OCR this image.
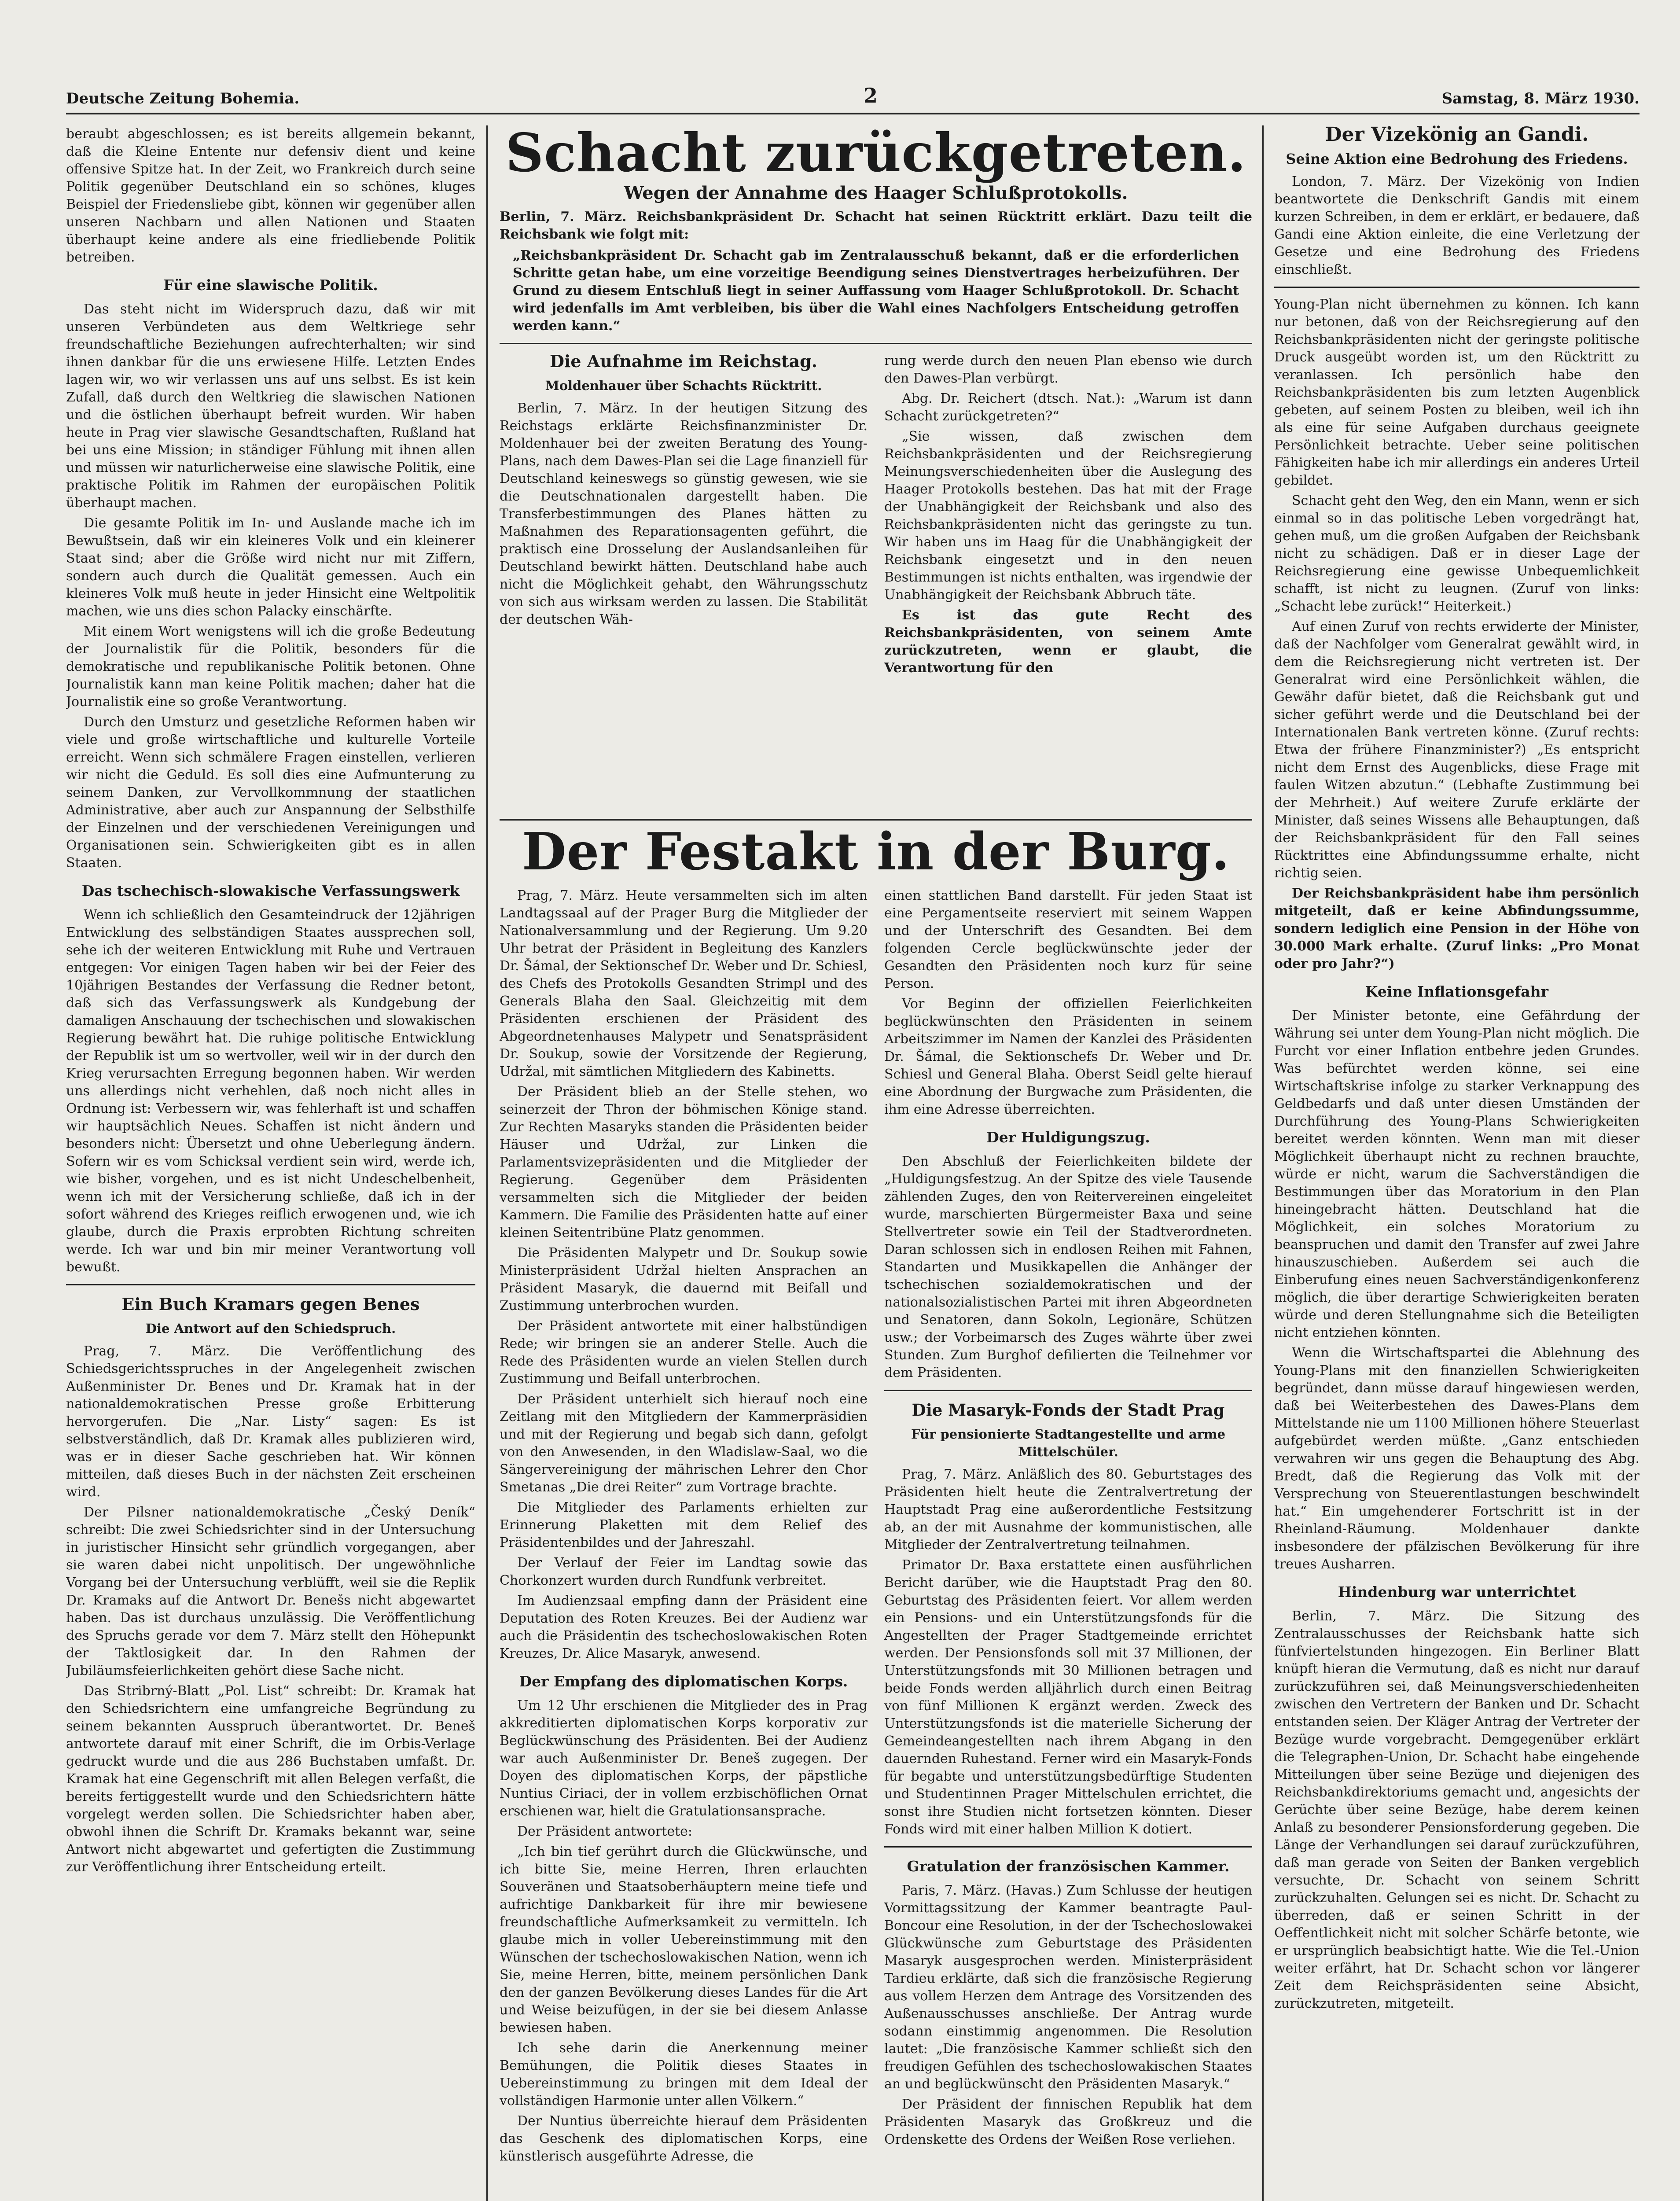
Deutsche Zeitung Bohemia.	2	Samstag, 8. März 1930.

beraubt abgeschlossen; es ist bereits allgemein bekannt, daß die Kleine Entente nur defensiv dient und keine offensive Spitze hat. In der Zeit, wo Frankreich durch seine Politik gegenüber Deutschland ein so schönes, kluges Beispiel der Friedensliebe gibt, können wir gegenüber allen unseren Nachbarn und allen Nationen und Staaten überhaupt keine andere als eine friedliebende Politik betreiben.

Für eine slawische Politik.

Das steht nicht im Widerspruch dazu, daß wir mit unseren Verbündeten aus dem Weltkriege sehr freundschaftliche Beziehungen aufrechterhalten; wir sind ihnen dankbar für die uns erwiesene Hilfe. Letzten Endes lagen wir, wo wir verlassen uns auf uns selbst. Es ist kein Zufall, daß durch den Weltkrieg die slawischen Nationen und die östlichen überhaupt befreit wurden. Wir haben heute in Prag vier slawische Gesandtschaften, Rußland hat bei uns eine Mission; in ständiger Fühlung mit ihnen allen und müssen wir naturlicherweise eine slawische Politik, eine praktische Politik im Rahmen der europäischen Politik überhaupt machen.

Die gesamte Politik im In- und Auslande mache ich im Bewußtsein, daß wir ein kleineres Volk und ein kleinerer Staat sind; aber die Größe wird nicht nur mit Ziffern, sondern auch durch die Qualität gemessen. Auch ein kleineres Volk muß heute in jeder Hinsicht eine Weltpolitik machen, wie uns dies schon Palacky einschärfte.

Mit einem Wort wenigstens will ich die große Bedeutung der Journalistik für die Politik, besonders für die demokratische und republikanische Politik betonen. Ohne Journalistik kann man keine Politik machen; daher hat die Journalistik eine so große Verantwortung.

Durch den Umsturz und gesetzliche Reformen haben wir viele und große wirtschaftliche und kulturelle Vorteile erreicht. Wenn sich schmälere Fragen einstellen, verlieren wir nicht die Geduld. Es soll dies eine Aufmunterung zu seinem Danken, zur Vervollkommnung der staatlichen Administrative, aber auch zur Anspannung der Selbsthilfe der Einzelnen und der verschiedenen Vereinigungen und Organisationen sein. Schwierigkeiten gibt es in allen Staaten.

Das tschechisch-slowakische Verfassungswerk

Wenn ich schließlich den Gesamteindruck der 12jährigen Entwicklung des selbständigen Staates aussprechen soll, sehe ich der weiteren Entwicklung mit Ruhe und Vertrauen entgegen: Vor einigen Tagen haben wir bei der Feier des 10jährigen Bestandes der Verfassung die Redner betont, daß sich das Verfassungswerk als Kundgebung der damaligen Anschauung der tschechischen und slowakischen Regierung bewährt hat. Die ruhige politische Entwicklung der Republik ist um so wertvoller, weil wir in der durch den Krieg verursachten Erregung begonnen haben. Wir werden uns allerdings nicht verhehlen, daß noch nicht alles in Ordnung ist: Verbessern wir, was fehlerhaft ist und schaffen wir hauptsächlich Neues. Schaffen ist nicht ändern und besonders nicht: Übersetzt und ohne Ueberlegung ändern. Sofern wir es vom Schicksal verdient sein wird, werde ich, wie bisher, vorgehen, und es ist nicht Undeschelbenheit, wenn ich mit der Versicherung schließe, daß ich in der sofort während des Krieges reiflich erwogenen und, wie ich glaube, durch die Praxis erprobten Richtung schreiten werde. Ich war und bin mir meiner Verantwortung voll bewußt.

Ein Buch Kramars gegen Benes
Die Antwort auf den Schiedspruch.

Prag, 7. März. Die Veröffentlichung des Schiedsgerichtsspruches in der Angelegenheit zwischen Außenminister Dr. Benes und Dr. Kramak hat in der nationaldemokratischen Presse große Erbitterung hervorgerufen. Die „Nar. Listy“ sagen: Es ist selbstverständlich, daß Dr. Kramak alles publizieren wird, was er in dieser Sache geschrieben hat. Wir können mitteilen, daß dieses Buch in der nächsten Zeit erscheinen wird.

Der Pilsner nationaldemokratische „Český Deník“ schreibt: Die zwei Schiedsrichter sind in der Untersuchung in juristischer Hinsicht sehr gründlich vorgegangen, aber sie waren dabei nicht unpolitisch. Der ungewöhnliche Vorgang bei der Untersuchung verblüfft, weil sie die Replik Dr. Kramaks auf die Antwort Dr. Benešs nicht abgewartet haben. Das ist durchaus unzulässig. Die Veröffentlichung des Spruchs gerade vor dem 7. März stellt den Höhepunkt der Taktlosigkeit dar. In den Rahmen der Jubiläumsfeierlichkeiten gehört diese Sache nicht.

Das Stribrný-Blatt „Pol. List“ schreibt: Dr. Kramak hat den Schiedsrichtern eine umfangreiche Begründung zu seinem bekannten Ausspruch überantwortet. Dr. Beneš antwortete darauf mit einer Schrift, die im Orbis-Verlage gedruckt wurde und die aus 286 Buchstaben umfaßt. Dr. Kramak hat eine Gegenschrift mit allen Belegen verfaßt, die bereits fertiggestellt wurde und den Schiedsrichtern hätte vorgelegt werden sollen. Die Schiedsrichter haben aber, obwohl ihnen die Schrift Dr. Kramaks bekannt war, seine Antwort nicht abgewartet und gefertigten die Zustimmung zur Veröffentlichung ihrer Entscheidung erteilt.

Schacht zurückgetreten.
Wegen der Annahme des Haager Schlußprotokolls.

Berlin, 7. März. Reichsbankpräsident Dr. Schacht hat seinen Rücktritt erklärt. Dazu teilt die Reichsbank wie folgt mit:

„Reichsbankpräsident Dr. Schacht gab im Zentralausschuß bekannt, daß er die erforderlichen Schritte getan habe, um eine vorzeitige Beendigung seines Dienstvertrages herbeizuführen. Der Grund zu diesem Entschluß liegt in seiner Auffassung vom Haager Schlußprotokoll. Dr. Schacht wird jedenfalls im Amt verbleiben, bis über die Wahl eines Nachfolgers Entscheidung getroffen werden kann.“

Die Aufnahme im Reichstag.
Moldenhauer über Schachts Rücktritt.

Berlin, 7. März. In der heutigen Sitzung des Reichstags erklärte Reichsfinanzminister Dr. Moldenhauer bei der zweiten Beratung des Young-Plans, nach dem Dawes-Plan sei die Lage finanziell für Deutschland keineswegs so günstig gewesen, wie sie die Deutschnationalen dargestellt haben. Die Transferbestimmungen des Planes hätten zu Maßnahmen des Reparationsagenten geführt, die praktisch eine Drosselung der Auslandsanleihen für Deutschland bewirkt hätten. Deutschland habe auch nicht die Möglichkeit gehabt, den Währungsschutz von sich aus wirksam werden zu lassen. Die Stabilität der deutschen Wäh-

rung werde durch den neuen Plan ebenso wie durch den Dawes-Plan verbürgt.

Abg. Dr. Reichert (dtsch. Nat.): „Warum ist dann Schacht zurückgetreten?“

„Sie wissen, daß zwischen dem Reichsbankpräsidenten und der Reichsregierung Meinungsverschiedenheiten über die Auslegung des Haager Protokolls bestehen. Das hat mit der Frage der Unabhängigkeit der Reichsbank und also des Reichsbankpräsidenten nicht das geringste zu tun. Wir haben uns im Haag für die Unabhängigkeit der Reichsbank eingesetzt und in den neuen Bestimmungen ist nichts enthalten, was irgendwie der Unabhängigkeit der Reichsbank Abbruch täte.

Es ist das gute Recht des Reichsbankpräsidenten, von seinem Amte zurückzutreten, wenn er glaubt, die Verantwortung für den

Der Festakt in der Burg.

Prag, 7. März. Heute versammelten sich im alten Landtagssaal auf der Prager Burg die Mitglieder der Nationalversammlung und der Regierung. Um 9.20 Uhr betrat der Präsident in Begleitung des Kanzlers Dr. Šámal, der Sektionschef Dr. Weber und Dr. Schiesl, des Chefs des Protokolls Gesandten Strimpl und des Generals Blaha den Saal. Gleichzeitig mit dem Präsidenten erschienen der Präsident des Abgeordnetenhauses Malypetr und Senatspräsident Dr. Soukup, sowie der Vorsitzende der Regierung, Udržal, mit sämtlichen Mitgliedern des Kabinetts.

Der Präsident blieb an der Stelle stehen, wo seinerzeit der Thron der böhmischen Könige stand. Zur Rechten Masaryks standen die Präsidenten beider Häuser und Udržal, zur Linken die Parlamentsvizepräsidenten und die Mitglieder der Regierung. Gegenüber dem Präsidenten versammelten sich die Mitglieder der beiden Kammern. Die Familie des Präsidenten hatte auf einer kleinen Seitentribüne Platz genommen.

Die Präsidenten Malypetr und Dr. Soukup sowie Ministerpräsident Udržal hielten Ansprachen an Präsident Masaryk, die dauernd mit Beifall und Zustimmung unterbrochen wurden.

Der Präsident antwortete mit einer halbstündigen Rede; wir bringen sie an anderer Stelle. Auch die Rede des Präsidenten wurde an vielen Stellen durch Zustimmung und Beifall unterbrochen.

Der Präsident unterhielt sich hierauf noch eine Zeitlang mit den Mitgliedern der Kammerpräsidien und mit der Regierung und begab sich dann, gefolgt von den Anwesenden, in den Wladislaw-Saal, wo die Sängervereinigung der mährischen Lehrer den Chor Smetanas „Die drei Reiter“ zum Vortrage brachte.

Die Mitglieder des Parlaments erhielten zur Erinnerung Plaketten mit dem Relief des Präsidentenbildes und der Jahreszahl.

Der Verlauf der Feier im Landtag sowie das Chorkonzert wurden durch Rundfunk verbreitet.

Im Audienzsaal empfing dann der Präsident eine Deputation des Roten Kreuzes. Bei der Audienz war auch die Präsidentin des tschechoslowakischen Roten Kreuzes, Dr. Alice Masaryk, anwesend.

Der Empfang des diplomatischen Korps.

Um 12 Uhr erschienen die Mitglieder des in Prag akkreditierten diplomatischen Korps korporativ zur Beglückwünschung des Präsidenten. Bei der Audienz war auch Außenminister Dr. Beneš zugegen. Der Doyen des diplomatischen Korps, der päpstliche Nuntius Ciriaci, der in vollem erzbischöflichen Ornat erschienen war, hielt die Gratulationsansprache.

Der Präsident antwortete:

„Ich bin tief gerührt durch die Glückwünsche, und ich bitte Sie, meine Herren, Ihren erlauchten Souveränen und Staatsoberhäuptern meine tiefe und aufrichtige Dankbarkeit für ihre mir bewiesene freundschaftliche Aufmerksamkeit zu vermitteln. Ich glaube mich in voller Uebereinstimmung mit den Wünschen der tschechoslowakischen Nation, wenn ich Sie, meine Herren, bitte, meinem persönlichen Dank den der ganzen Bevölkerung dieses Landes für die Art und Weise beizufügen, in der sie bei diesem Anlasse bewiesen haben.

Ich sehe darin die Anerkennung meiner Bemühungen, die Politik dieses Staates in Uebereinstimmung zu bringen mit dem Ideal der vollständigen Harmonie unter allen Völkern.“

Der Nuntius überreichte hierauf dem Präsidenten das Geschenk des diplomatischen Korps, eine künstlerisch ausgeführte Adresse, die

einen stattlichen Band darstellt. Für jeden Staat ist eine Pergamentseite reserviert mit seinem Wappen und der Unterschrift des Gesandten. Bei dem folgenden Cercle beglückwünschte jeder der Gesandten den Präsidenten noch kurz für seine Person.

Vor Beginn der offiziellen Feierlichkeiten beglückwünschten den Präsidenten in seinem Arbeitszimmer im Namen der Kanzlei des Präsidenten Dr. Šámal, die Sektionschefs Dr. Weber und Dr. Schiesl und General Blaha. Oberst Seidl gelte hierauf eine Abordnung der Burgwache zum Präsidenten, die ihm eine Adresse überreichten.

Der Huldigungszug.

Den Abschluß der Feierlichkeiten bildete der „Huldigungsfestzug. An der Spitze des viele Tausende zählenden Zuges, den von Reitervereinen eingeleitet wurde, marschierten Bürgermeister Baxa und seine Stellvertreter sowie ein Teil der Stadtverordneten. Daran schlossen sich in endlosen Reihen mit Fahnen, Standarten und Musikkapellen die Anhänger der tschechischen sozialdemokratischen und der nationalsozialistischen Partei mit ihren Abgeordneten und Senatoren, dann Sokoln, Legionäre, Schützen usw.; der Vorbeimarsch des Zuges währte über zwei Stunden. Zum Burghof defilierten die Teilnehmer vor dem Präsidenten.

Die Masaryk-Fonds der Stadt Prag
Für pensionierte Stadtangestellte und arme Mittelschüler.

Prag, 7. März. Anläßlich des 80. Geburtstages des Präsidenten hielt heute die Zentralvertretung der Hauptstadt Prag eine außerordentliche Festsitzung ab, an der mit Ausnahme der kommunistischen, alle Mitglieder der Zentralvertretung teilnahmen.

Primator Dr. Baxa erstattete einen ausführlichen Bericht darüber, wie die Hauptstadt Prag den 80. Geburtstag des Präsidenten feiert. Vor allem werden ein Pensions- und ein Unterstützungsfonds für die Angestellten der Prager Stadtgemeinde errichtet werden. Der Pensionsfonds soll mit 37 Millionen, der Unterstützungsfonds mit 30 Millionen betragen und beide Fonds werden alljährlich durch einen Beitrag von fünf Millionen K ergänzt werden. Zweck des Unterstützungsfonds ist die materielle Sicherung der Gemeindeangestellten nach ihrem Abgang in den dauernden Ruhestand. Ferner wird ein Masaryk-Fonds für begabte und unterstützungsbedürftige Studenten und Studentinnen Prager Mittelschulen errichtet, die sonst ihre Studien nicht fortsetzen könnten. Dieser Fonds wird mit einer halben Million K dotiert.

Gratulation der französischen Kammer.

Paris, 7. März. (Havas.) Zum Schlusse der heutigen Vormittagssitzung der Kammer beantragte Paul-Boncour eine Resolution, in der der Tschechoslowakei Glückwünsche zum Geburtstage des Präsidenten Masaryk ausgesprochen werden. Ministerpräsident Tardieu erklärte, daß sich die französische Regierung aus vollem Herzen dem Antrage des Vorsitzenden des Außenausschusses anschließe. Der Antrag wurde sodann einstimmig angenommen. Die Resolution lautet: „Die französische Kammer schließt sich den freudigen Gefühlen des tschechoslowakischen Staates an und beglückwünscht den Präsidenten Masaryk.“

Der Präsident der finnischen Republik hat dem Präsidenten Masaryk das Großkreuz und die Ordenskette des Ordens der Weißen Rose verliehen.

Der Vizekönig an Gandi.
Seine Aktion eine Bedrohung des Friedens.

London, 7. März. Der Vizekönig von Indien beantwortete die Denkschrift Gandis mit einem kurzen Schreiben, in dem er erklärt, er bedauere, daß Gandi eine Aktion einleite, die eine Verletzung der Gesetze und eine Bedrohung des Friedens einschließt.

Young-Plan nicht übernehmen zu können. Ich kann nur betonen, daß von der Reichsregierung auf den Reichsbankpräsidenten nicht der geringste politische Druck ausgeübt worden ist, um den Rücktritt zu veranlassen. Ich persönlich habe den Reichsbankpräsidenten bis zum letzten Augenblick gebeten, auf seinem Posten zu bleiben, weil ich ihn als eine für seine Aufgaben durchaus geeignete Persönlichkeit betrachte. Ueber seine politischen Fähigkeiten habe ich mir allerdings ein anderes Urteil gebildet.

Schacht geht den Weg, den ein Mann, wenn er sich einmal so in das politische Leben vorgedrängt hat, gehen muß, um die großen Aufgaben der Reichsbank nicht zu schädigen. Daß er in dieser Lage der Reichsregierung eine gewisse Unbequemlichkeit schafft, ist nicht zu leugnen. (Zuruf von links: „Schacht lebe zurück!“ Heiterkeit.)

Auf einen Zuruf von rechts erwiderte der Minister, daß der Nachfolger vom Generalrat gewählt wird, in dem die Reichsregierung nicht vertreten ist. Der Generalrat wird eine Persönlichkeit wählen, die Gewähr dafür bietet, daß die Reichsbank gut und sicher geführt werde und die Deutschland bei der Internationalen Bank vertreten könne. (Zuruf rechts: Etwa der frühere Finanzminister?) „Es entspricht nicht dem Ernst des Augenblicks, diese Frage mit faulen Witzen abzutun.“ (Lebhafte Zustimmung bei der Mehrheit.) Auf weitere Zurufe erklärte der Minister, daß seines Wissens alle Behauptungen, daß der Reichsbankpräsident für den Fall seines Rücktrittes eine Abfindungssumme erhalte, nicht richtig seien.

Der Reichsbankpräsident habe ihm persönlich mitgeteilt, daß er keine Abfindungssumme, sondern lediglich eine Pension in der Höhe von 30.000 Mark erhalte. (Zuruf links: „Pro Monat oder pro Jahr?“)

Keine Inflationsgefahr

Der Minister betonte, eine Gefährdung der Währung sei unter dem Young-Plan nicht möglich. Die Furcht vor einer Inflation entbehre jeden Grundes. Was befürchtet werden könne, sei eine Wirtschaftskrise infolge zu starker Verknappung des Geldbedarfs und daß unter diesen Umständen der Durchführung des Young-Plans Schwierigkeiten bereitet werden könnten. Wenn man mit dieser Möglichkeit überhaupt nicht zu rechnen brauchte, würde er nicht, warum die Sachverständigen die Bestimmungen über das Moratorium in den Plan hineingebracht hätten. Deutschland hat die Möglichkeit, ein solches Moratorium zu beanspruchen und damit den Transfer auf zwei Jahre hinauszuschieben. Außerdem sei auch die Einberufung eines neuen Sachverständigenkonferenz möglich, die über derartige Schwierigkeiten beraten würde und deren Stellungnahme sich die Beteiligten nicht entziehen könnten.

Wenn die Wirtschaftspartei die Ablehnung des Young-Plans mit den finanziellen Schwierigkeiten begründet, dann müsse darauf hingewiesen werden, daß bei Weiterbestehen des Dawes-Plans dem Mittelstande nie um 1100 Millionen höhere Steuerlast aufgebürdet werden müßte. „Ganz entschieden verwahren wir uns gegen die Behauptung des Abg. Bredt, daß die Regierung das Volk mit der Versprechung von Steuerentlastungen beschwindelt hat.“ Ein umgehenderer Fortschritt ist in der Rheinland-Räumung. Moldenhauer dankte insbesondere der pfälzischen Bevölkerung für ihre treues Ausharren.

Hindenburg war unterrichtet

Berlin, 7. März. Die Sitzung des Zentralausschusses der Reichsbank hatte sich fünfviertelstunden hingezogen. Ein Berliner Blatt knüpft hieran die Vermutung, daß es nicht nur darauf zurückzuführen sei, daß Meinungsverschiedenheiten zwischen den Vertretern der Banken und Dr. Schacht entstanden seien. Der Kläger Antrag der Vertreter der Bezüge wurde vorgebracht. Demgegenüber erklärt die Telegraphen-Union, Dr. Schacht habe eingehende Mitteilungen über seine Bezüge und diejenigen des Reichsbankdirektoriums gemacht und, angesichts der Gerüchte über seine Bezüge, habe derem keinen Anlaß zu besonderer Pensionsforderung gegeben. Die Länge der Verhandlungen sei darauf zurückzuführen, daß man gerade von Seiten der Banken vergeblich versuchte, Dr. Schacht von seinem Schritt zurückzuhalten. Gelungen sei es nicht. Dr. Schacht zu überreden, daß er seinen Schritt in der Oeffentlichkeit nicht mit solcher Schärfe betonte, wie er ursprünglich beabsichtigt hatte. Wie die Tel.-Union weiter erfährt, hat Dr. Schacht schon vor längerer Zeit dem Reichspräsidenten seine Absicht, zurückzutreten, mitgeteilt.
